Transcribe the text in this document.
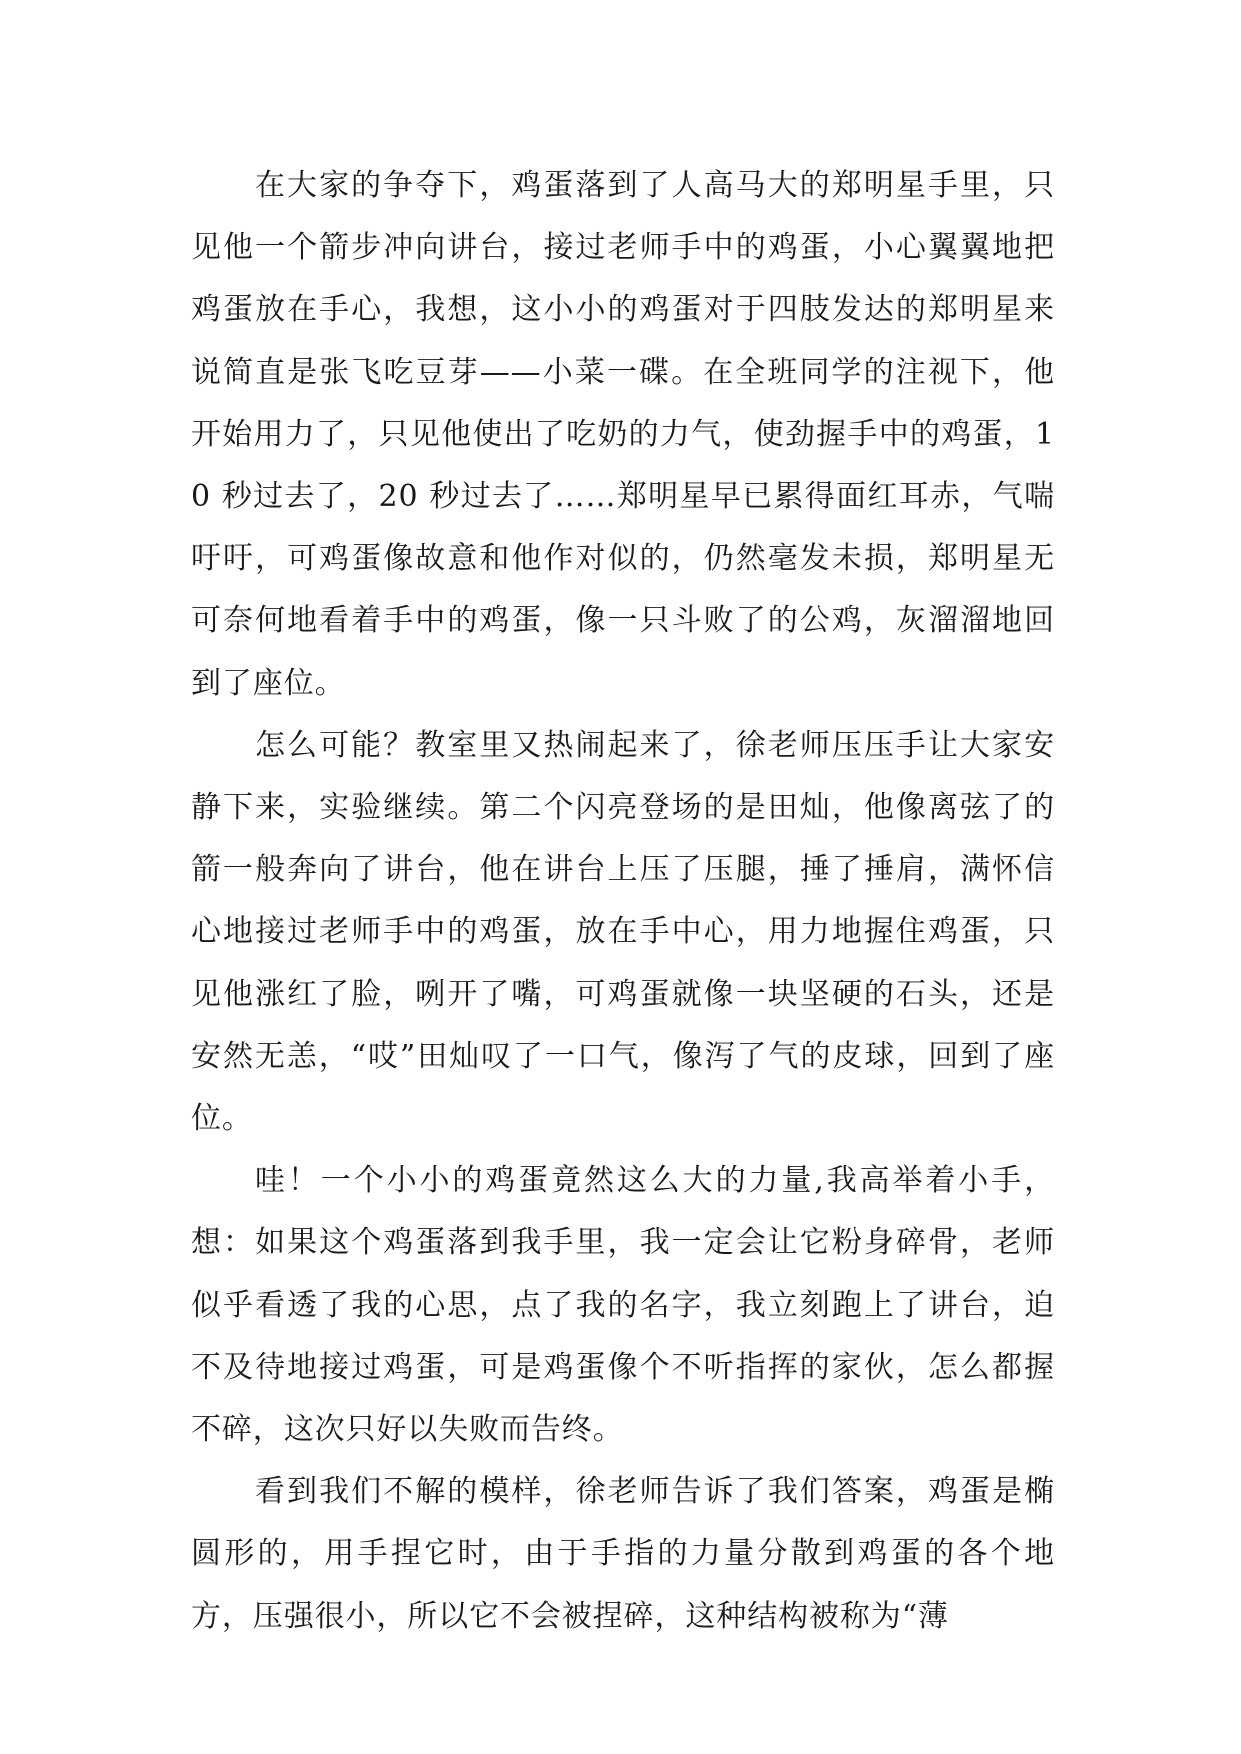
在大家的争夺下，鸡蛋落到了人高马大的郑明星手里，只见他一个箭步冲向讲台，接过老师手中的鸡蛋，小心翼翼地把鸡蛋放在手心，我想，这小小的鸡蛋对于四肢发达的郑明星来说简直是张飞吃豆芽——小菜一碟。在全班同学的注视下，他开始用力了，只见他使出了吃奶的力气，使劲握手中的鸡蛋，10 秒过去了，20 秒过去了……郑明星早已累得面红耳赤，气喘吁吁，可鸡蛋像故意和他作对似的，仍然毫发未损，郑明星无可奈何地看着手中的鸡蛋，像一只斗败了的公鸡，灰溜溜地回到了座位。

怎么可能？教室里又热闹起来了，徐老师压压手让大家安静下来，实验继续。第二个闪亮登场的是田灿，他像离弦了的箭一般奔向了讲台，他在讲台上压了压腿，捶了捶肩，满怀信心地接过老师手中的鸡蛋，放在手中心，用力地握住鸡蛋，只见他涨红了脸，咧开了嘴，可鸡蛋就像一块坚硬的石头，还是安然无恙，“哎”田灿叹了一口气，像泻了气的皮球，回到了座位。

哇！一个小小的鸡蛋竟然这么大的力量,我高举着小手，想：如果这个鸡蛋落到我手里，我一定会让它粉身碎骨，老师似乎看透了我的心思，点了我的名字，我立刻跑上了讲台，迫不及待地接过鸡蛋，可是鸡蛋像个不听指挥的家伙，怎么都握不碎，这次只好以失败而告终。

看到我们不解的模样，徐老师告诉了我们答案，鸡蛋是椭圆形的，用手捏它时，由于手指的力量分散到鸡蛋的各个地方，压强很小，所以它不会被捏碎，这种结构被称为“薄
